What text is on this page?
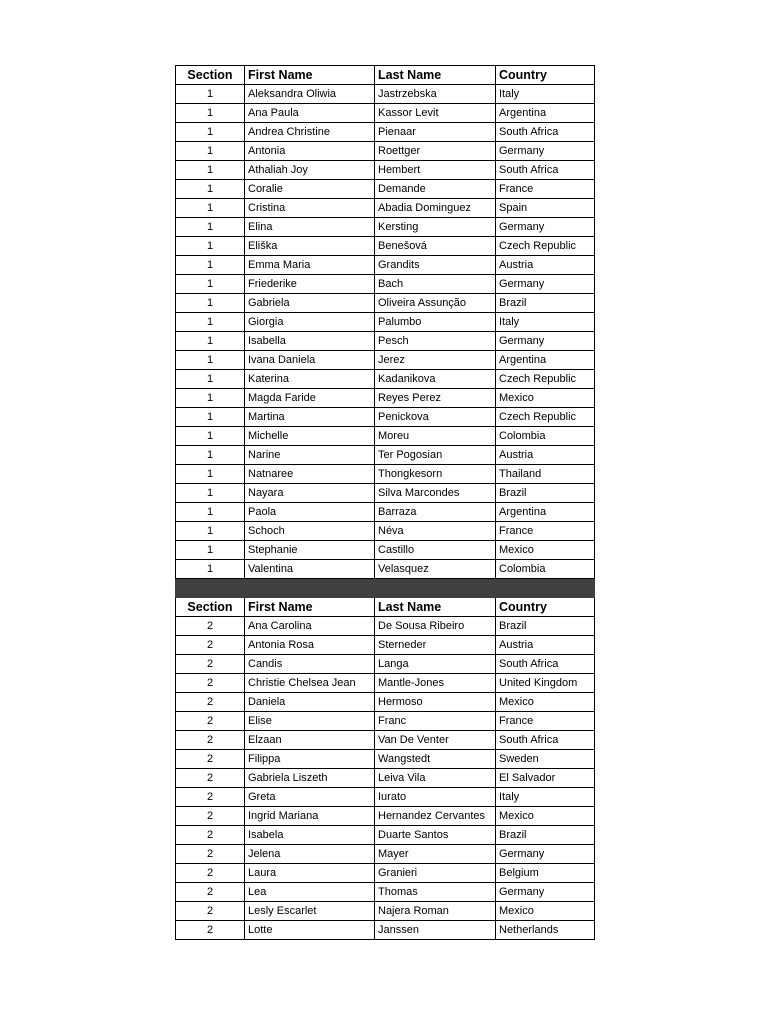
Section	First Name	Last Name	Country
1	Aleksandra Oliwia	Jastrzebska	Italy
1	Ana Paula	Kassor Levit	Argentina
1	Andrea Christine	Pienaar	South Africa
1	Antonia	Roettger	Germany
1	Athaliah Joy	Hembert	South Africa
1	Coralie	Demande	France
1	Cristina	Abadia Dominguez	Spain
1	Elina	Kersting	Germany
1	Eliška	Benešová	Czech Republic
1	Emma Maria	Grandits	Austria
1	Friederike	Bach	Germany
1	Gabriela	Oliveira Assunção	Brazil
1	Giorgia	Palumbo	Italy
1	Isabella	Pesch	Germany
1	Ivana Daniela	Jerez	Argentina
1	Katerina	Kadanikova	Czech Republic
1	Magda Faride	Reyes Perez	Mexico
1	Martina	Penickova	Czech Republic
1	Michelle	Moreu	Colombia
1	Narine	Ter Pogosian	Austria
1	Natnaree	Thongkesorn	Thailand
1	Nayara	Silva Marcondes	Brazil
1	Paola	Barraza	Argentina
1	Schoch	Néva	France
1	Stephanie	Castillo	Mexico
1	Valentina	Velasquez	Colombia

Section	First Name	Last Name	Country
2	Ana Carolina	De Sousa Ribeiro	Brazil
2	Antonia Rosa	Sterneder	Austria
2	Candis	Langa	South Africa
2	Christie Chelsea Jean	Mantle-Jones	United Kingdom
2	Daniela	Hermoso	Mexico
2	Elise	Franc	France
2	Elzaan	Van De Venter	South Africa
2	Filippa	Wangstedt	Sweden
2	Gabriela Liszeth	Leiva Vila	El Salvador
2	Greta	Iurato	Italy
2	Ingrid Mariana	Hernandez Cervantes	Mexico
2	Isabela	Duarte Santos	Brazil
2	Jelena	Mayer	Germany
2	Laura	Granieri	Belgium
2	Lea	Thomas	Germany
2	Lesly Escarlet	Najera Roman	Mexico
2	Lotte	Janssen	Netherlands
